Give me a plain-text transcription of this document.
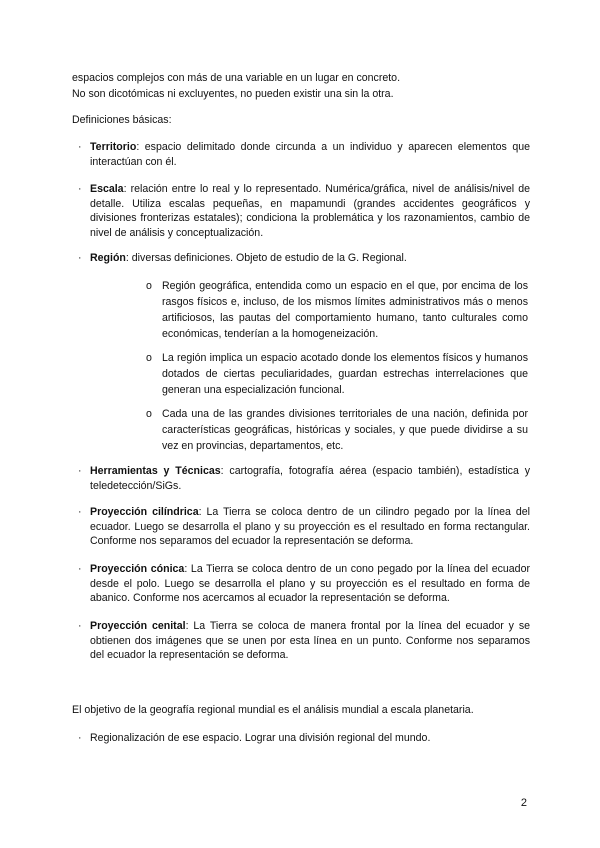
espacios complejos con más de una variable en un lugar en concreto.

No son dicotómicas ni excluyentes, no pueden existir una sin la otra.

Definiciones básicas:

· Territorio: espacio delimitado donde circunda a un individuo y aparecen elementos que interactúan con él.

· Escala: relación entre lo real y lo representado. Numérica/gráfica, nivel de análisis/nivel de detalle. Utiliza escalas pequeñas, en mapamundi (grandes accidentes geográficos y divisiones fronterizas estatales); condiciona la problemática y los razonamientos, cambio de nivel de análisis y conceptualización.

· Región: diversas definiciones. Objeto de estudio de la G. Regional.

o Región geográfica, entendida como un espacio en el que, por encima de los rasgos físicos e, incluso, de los mismos límites administrativos más o menos artificiosos, las pautas del comportamiento humano, tanto culturales como económicas, tenderían a la homogeneización.

o La región implica un espacio acotado donde los elementos físicos y humanos dotados de ciertas peculiaridades, guardan estrechas interrelaciones que generan una especialización funcional.

o Cada una de las grandes divisiones territoriales de una nación, definida por características geográficas, históricas y sociales, y que puede dividirse a su vez en provincias, departamentos, etc.

· Herramientas y Técnicas: cartografía, fotografía aérea (espacio también), estadística y teledetección/SiGs.

· Proyección cilíndrica: La Tierra se coloca dentro de un cilindro pegado por la línea del ecuador. Luego se desarrolla el plano y su proyección es el resultado en forma rectangular. Conforme nos separamos del ecuador la representación se deforma.

· Proyección cónica: La Tierra se coloca dentro de un cono pegado por la línea del ecuador desde el polo. Luego se desarrolla el plano y su proyección es el resultado en forma de abanico. Conforme nos acercamos al ecuador la representación se deforma.

· Proyección cenital: La Tierra se coloca de manera frontal por la línea del ecuador y se obtienen dos imágenes que se unen por esta línea en un punto. Conforme nos separamos del ecuador la representación se deforma.

El objetivo de la geografía regional mundial es el análisis mundial a escala planetaria.

· Regionalización de ese espacio. Lograr una división regional del mundo.

2
